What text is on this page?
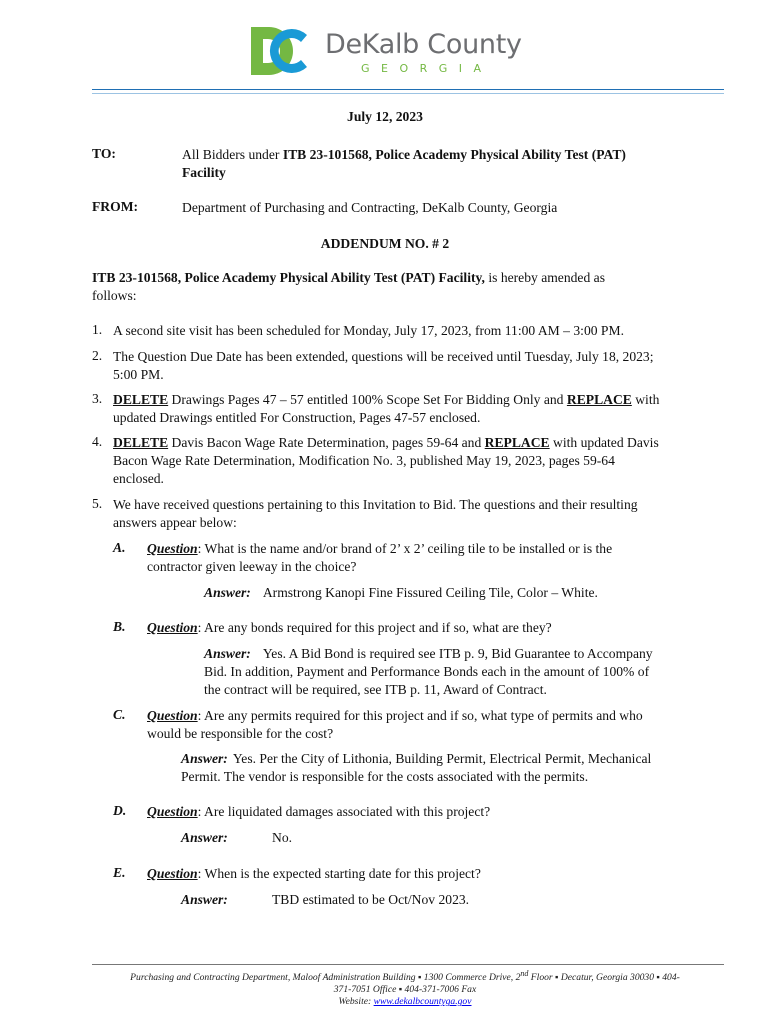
DeKalb County
GEORGIA
July 12, 2023
TO:	All Bidders under ITB 23-101568, Police Academy Physical Ability Test (PAT)
Facility
FROM:	Department of Purchasing and Contracting, DeKalb County, Georgia
ADDENDUM NO. # 2
ITB 23-101568, Police Academy Physical Ability Test (PAT) Facility, is hereby amended as
follows:
1. A second site visit has been scheduled for Monday, July 17, 2023, from 11:00 AM – 3:00 PM.
2. The Question Due Date has been extended, questions will be received until Tuesday, July 18, 2023;
5:00 PM.
3. DELETE Drawings Pages 47 – 57 entitled 100% Scope Set For Bidding Only and REPLACE with
updated Drawings entitled For Construction, Pages 47-57 enclosed.
4. DELETE Davis Bacon Wage Rate Determination, pages 59-64 and REPLACE with updated Davis
Bacon Wage Rate Determination, Modification No. 3, published May 19, 2023, pages 59-64
enclosed.
5. We have received questions pertaining to this Invitation to Bid. The questions and their resulting
answers appear below:
A. Question: What is the name and/or brand of 2’ x 2’ ceiling tile to be installed or is the
contractor given leeway in the choice?
Answer: Armstrong Kanopi Fine Fissured Ceiling Tile, Color – White.
B. Question: Are any bonds required for this project and if so, what are they?
Answer: Yes. A Bid Bond is required see ITB p. 9, Bid Guarantee to Accompany
Bid. In addition, Payment and Performance Bonds each in the amount of 100% of
the contract will be required, see ITB p. 11, Award of Contract.
C. Question: Are any permits required for this project and if so, what type of permits and who
would be responsible for the cost?
Answer: Yes. Per the City of Lithonia, Building Permit, Electrical Permit, Mechanical
Permit. The vendor is responsible for the costs associated with the permits.
D. Question: Are liquidated damages associated with this project?
Answer:	No.
E. Question: When is the expected starting date for this project?
Answer:	TBD estimated to be Oct/Nov 2023.
Purchasing and Contracting Department, Maloof Administration Building ▪ 1300 Commerce Drive, 2nd Floor ▪ Decatur, Georgia 30030 ▪ 404-
371-7051 Office ▪ 404-371-7006 Fax
Website: www.dekalbcountyga.gov
